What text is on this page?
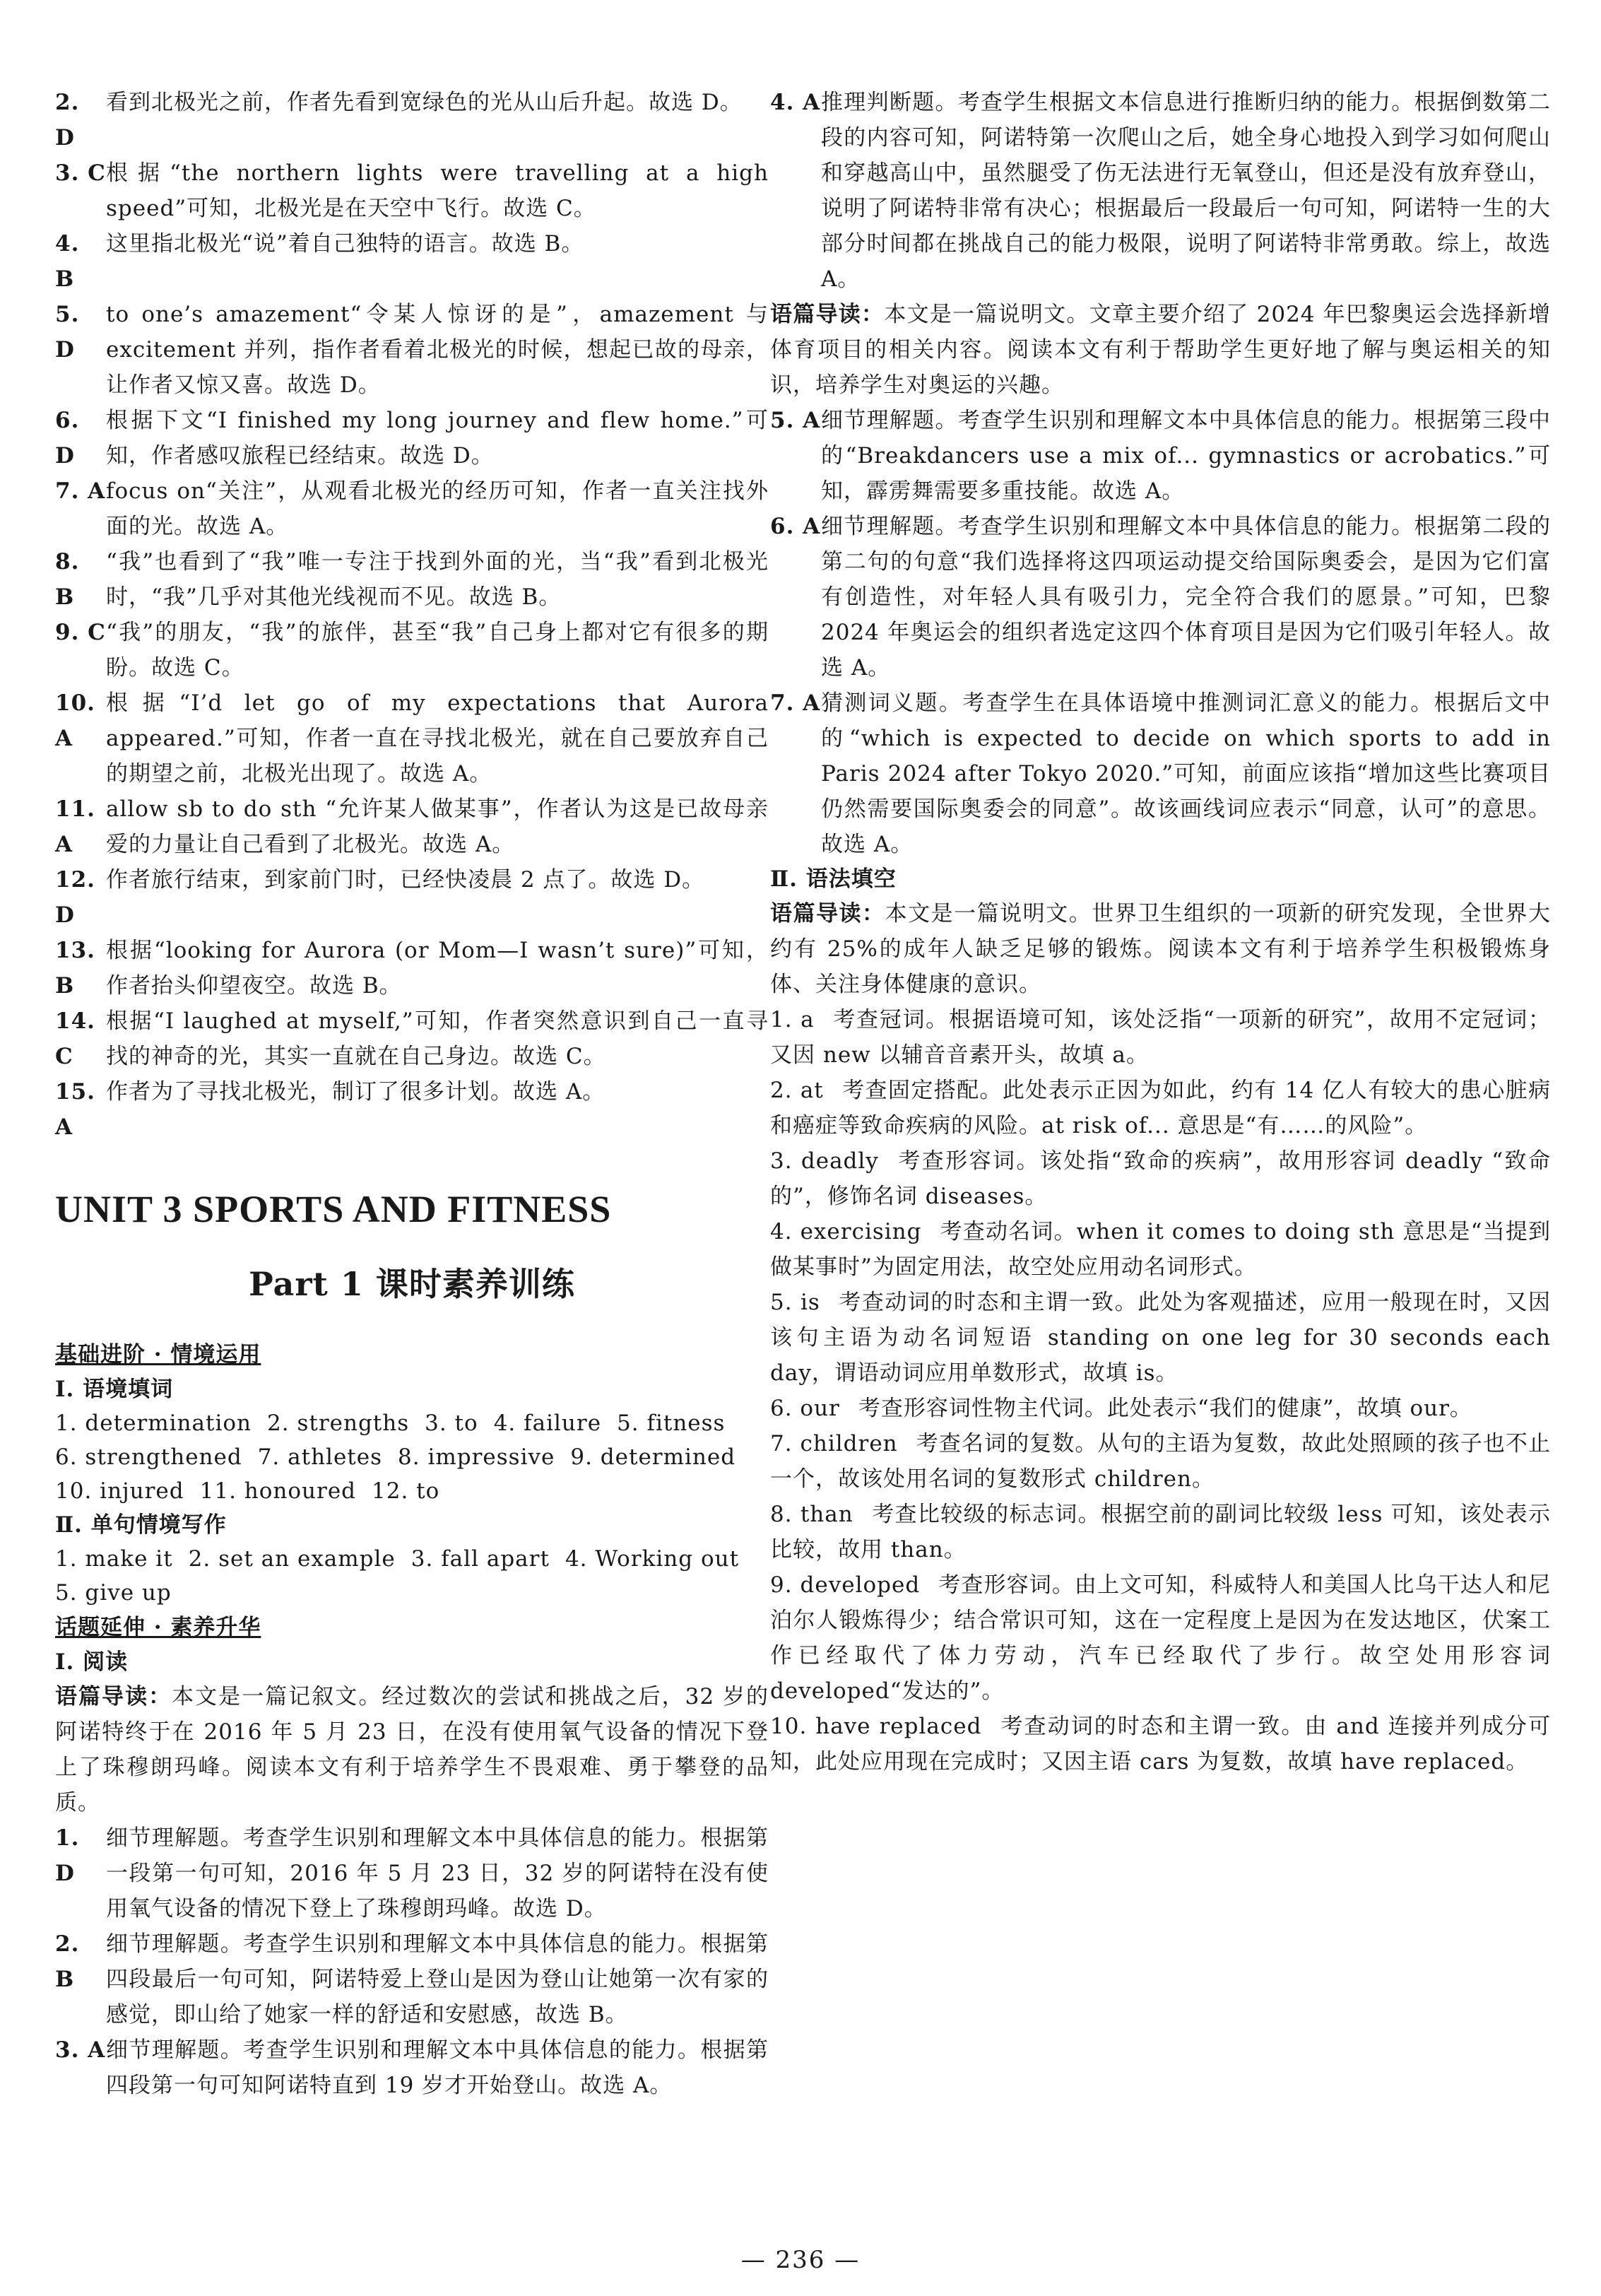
2. D
看到北极光之前，作者先看到宽绿色的光从山后升起。故选 D。
3. C 根据“the northern lights were travelling at a high speed”可知，北极光是在天空中飞行。故选 C。
4. B
这里指北极光“说”着自己独特的语言。故选 B。
5. D
to one’s amazement“令某人惊讶的是”，amazement 与 excitement 并列，指作者看着北极光的时候，想起已故的母亲，让作者又惊又喜。故选 D。
6. D
根据下文“I finished my long journey and flew home.”可知，作者感叹旅程已经结束。故选 D。
7. A focus on“关注”，从观看北极光的经历可知，作者一直关注找外面的光。故选 A。
8. B
“我”也看到了“我”唯一专注于找到外面的光，当“我”看到北极光时，“我”几乎对其他光线视而不见。故选 B。
9. C “我”的朋友，“我”的旅伴，甚至“我”自己身上都对它有很多的期盼。故选 C。
10. A
根据“I’d let go of my expectations that Aurora appeared.”可知，作者一直在寻找北极光，就在自己要放弃自己的期望之前，北极光出现了。故选 A。
11. A
allow sb to do sth “允许某人做某事”，作者认为这是已故母亲爱的力量让自己看到了北极光。故选 A。
12. D
作者旅行结束，到家前门时，已经快凌晨 2 点了。故选 D。
13. B
根据“looking for Aurora (or Mom—I wasn’t sure)”可知，作者抬头仰望夜空。故选 B。
14. C
根据“I laughed at myself,”可知，作者突然意识到自己一直寻找的神奇的光，其实一直就在自己身边。故选 C。
15. A
作者为了寻找北极光，制订了很多计划。故选 A。
UNIT 3 SPORTS AND FITNESS
Part 1 课时素养训练
基础进阶 · 情境运用
Ⅰ. 语境填词
1. determination 2. strengths 3. to 4. failure 5. fitness
6. strengthened 7. athletes 8. impressive 9. determined
10. injured 11. honoured 12. to
Ⅱ. 单句情境写作
1. make it 2. set an example 3. fall apart 4. Working out
5. give up
话题延伸 · 素养升华
Ⅰ. 阅读
语篇导读：本文是一篇记叙文。经过数次的尝试和挑战之后，32 岁的阿诺特终于在 2016 年 5 月 23 日，在没有使用氧气设备的情况下登上了珠穆朗玛峰。阅读本文有利于培养学生不畏艰难、勇于攀登的品质。
1. D
细节理解题。考查学生识别和理解文本中具体信息的能力。根据第一段第一句可知，2016 年 5 月 23 日，32 岁的阿诺特在没有使用氧气设备的情况下登上了珠穆朗玛峰。故选 D。
2. B
细节理解题。考查学生识别和理解文本中具体信息的能力。根据第四段最后一句可知，阿诺特爱上登山是因为登山让她第一次有家的感觉，即山给了她家一样的舒适和安慰感，故选 B。
3. A 细节理解题。考查学生识别和理解文本中具体信息的能力。根据第四段第一句可知阿诺特直到 19 岁才开始登山。故选 A。
4. A 推理判断题。考查学生根据文本信息进行推断归纳的能力。根据倒数第二段的内容可知，阿诺特第一次爬山之后，她全身心地投入到学习如何爬山和穿越高山中，虽然腿受了伤无法进行无氧登山，但还是没有放弃登山，说明了阿诺特非常有决心；根据最后一段最后一句可知，阿诺特一生的大部分时间都在挑战自己的能力极限，说明了阿诺特非常勇敢。综上，故选 A。
语篇导读：本文是一篇说明文。文章主要介绍了 2024 年巴黎奥运会选择新增体育项目的相关内容。阅读本文有利于帮助学生更好地了解与奥运相关的知识，培养学生对奥运的兴趣。
5. A 细节理解题。考查学生识别和理解文本中具体信息的能力。根据第三段中的“Breakdancers use a mix of... gymnastics or acrobatics.”可知，霹雳舞需要多重技能。故选 A。
6. A 细节理解题。考查学生识别和理解文本中具体信息的能力。根据第二段的第二句的句意“我们选择将这四项运动提交给国际奥委会，是因为它们富有创造性，对年轻人具有吸引力，完全符合我们的愿景。”可知，巴黎 2024 年奥运会的组织者选定这四个体育项目是因为它们吸引年轻人。故选 A。
7. A 猜测词义题。考查学生在具体语境中推测词汇意义的能力。根据后文中的“which is expected to decide on which sports to add in Paris 2024 after Tokyo 2020.”可知，前面应该指“增加这些比赛项目仍然需要国际奥委会的同意”。故该画线词应表示“同意，认可”的意思。故选 A。
Ⅱ. 语法填空
语篇导读：本文是一篇说明文。世界卫生组织的一项新的研究发现，全世界大约有 25%的成年人缺乏足够的锻炼。阅读本文有利于培养学生积极锻炼身体、关注身体健康的意识。
1. a 考查冠词。根据语境可知，该处泛指“一项新的研究”，故用不定冠词；又因 new 以辅音音素开头，故填 a。
2. at 考查固定搭配。此处表示正因为如此，约有 14 亿人有较大的患心脏病和癌症等致命疾病的风险。at risk of... 意思是“有……的风险”。
3. deadly 考查形容词。该处指“致命的疾病”，故用形容词 deadly “致命的”，修饰名词 diseases。
4. exercising 考查动名词。when it comes to doing sth 意思是“当提到做某事时”为固定用法，故空处应用动名词形式。
5. is 考查动词的时态和主谓一致。此处为客观描述，应用一般现在时，又因该句主语为动名词短语 standing on one leg for 30 seconds each day，谓语动词应用单数形式，故填 is。
6. our 考查形容词性物主代词。此处表示“我们的健康”，故填 our。
7. children 考查名词的复数。从句的主语为复数，故此处照顾的孩子也不止一个，故该处用名词的复数形式 children。
8. than 考查比较级的标志词。根据空前的副词比较级 less 可知，该处表示比较，故用 than。
9. developed 考查形容词。由上文可知，科威特人和美国人比乌干达人和尼泊尔人锻炼得少；结合常识可知，这在一定程度上是因为在发达地区，伏案工作已经取代了体力劳动，汽车已经取代了步行。故空处用形容词 developed“发达的”。
10. have replaced 考查动词的时态和主谓一致。由 and 连接并列成分可知，此处应用现在完成时；又因主语 cars 为复数，故填 have replaced。
— 236 —
